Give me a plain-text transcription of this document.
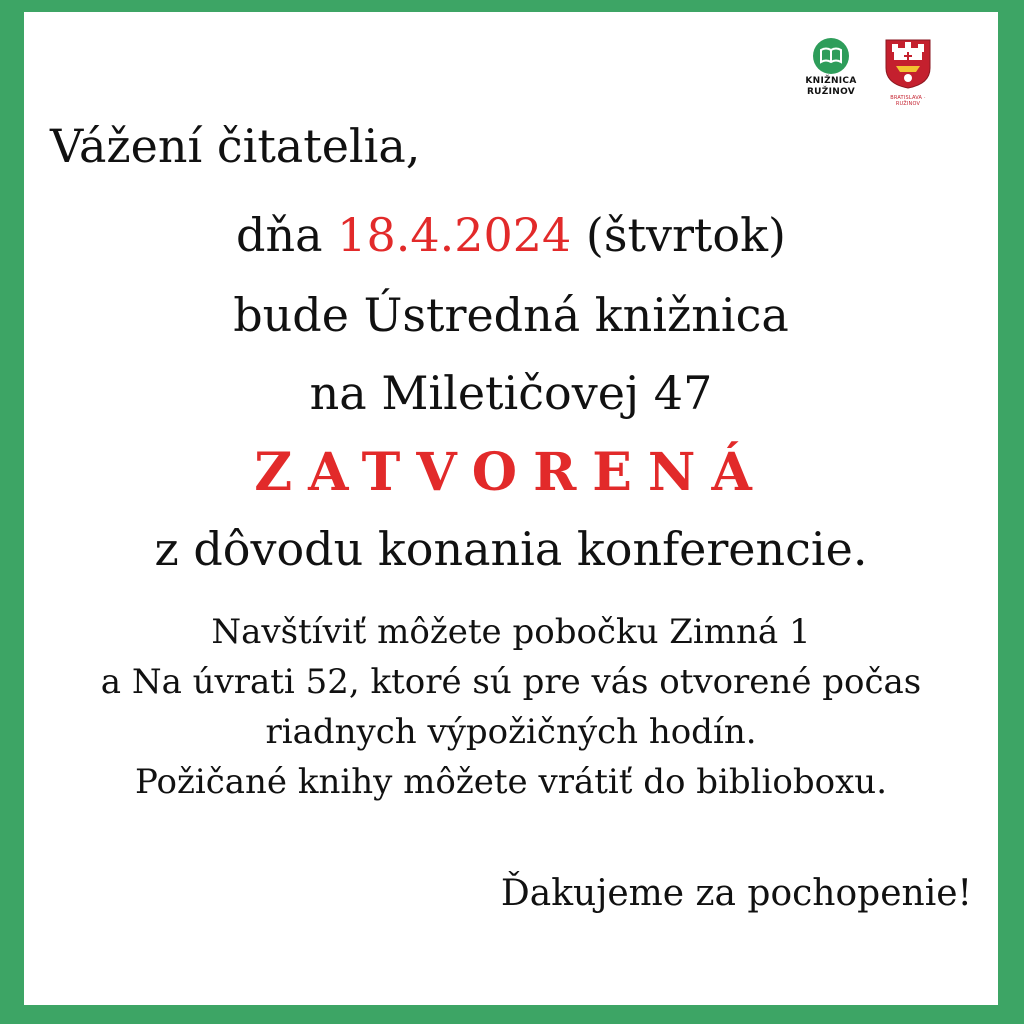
KNIŽNICA
RUŽINOV
BRATISLAVA · RUŽINOV
Vážení čitatelia,
dňa 18.4.2024 (štvrtok)
bude Ústredná knižnica
na Miletičovej 47
ZATVORENÁ
z dôvodu konania konferencie.
Navštíviť môžete pobočku Zimná 1
a Na úvrati 52, ktoré sú pre vás otvorené počas
riadnych výpožičných hodín.
Požičané knihy môžete vrátiť do biblioboxu.
Ďakujeme za pochopenie!
